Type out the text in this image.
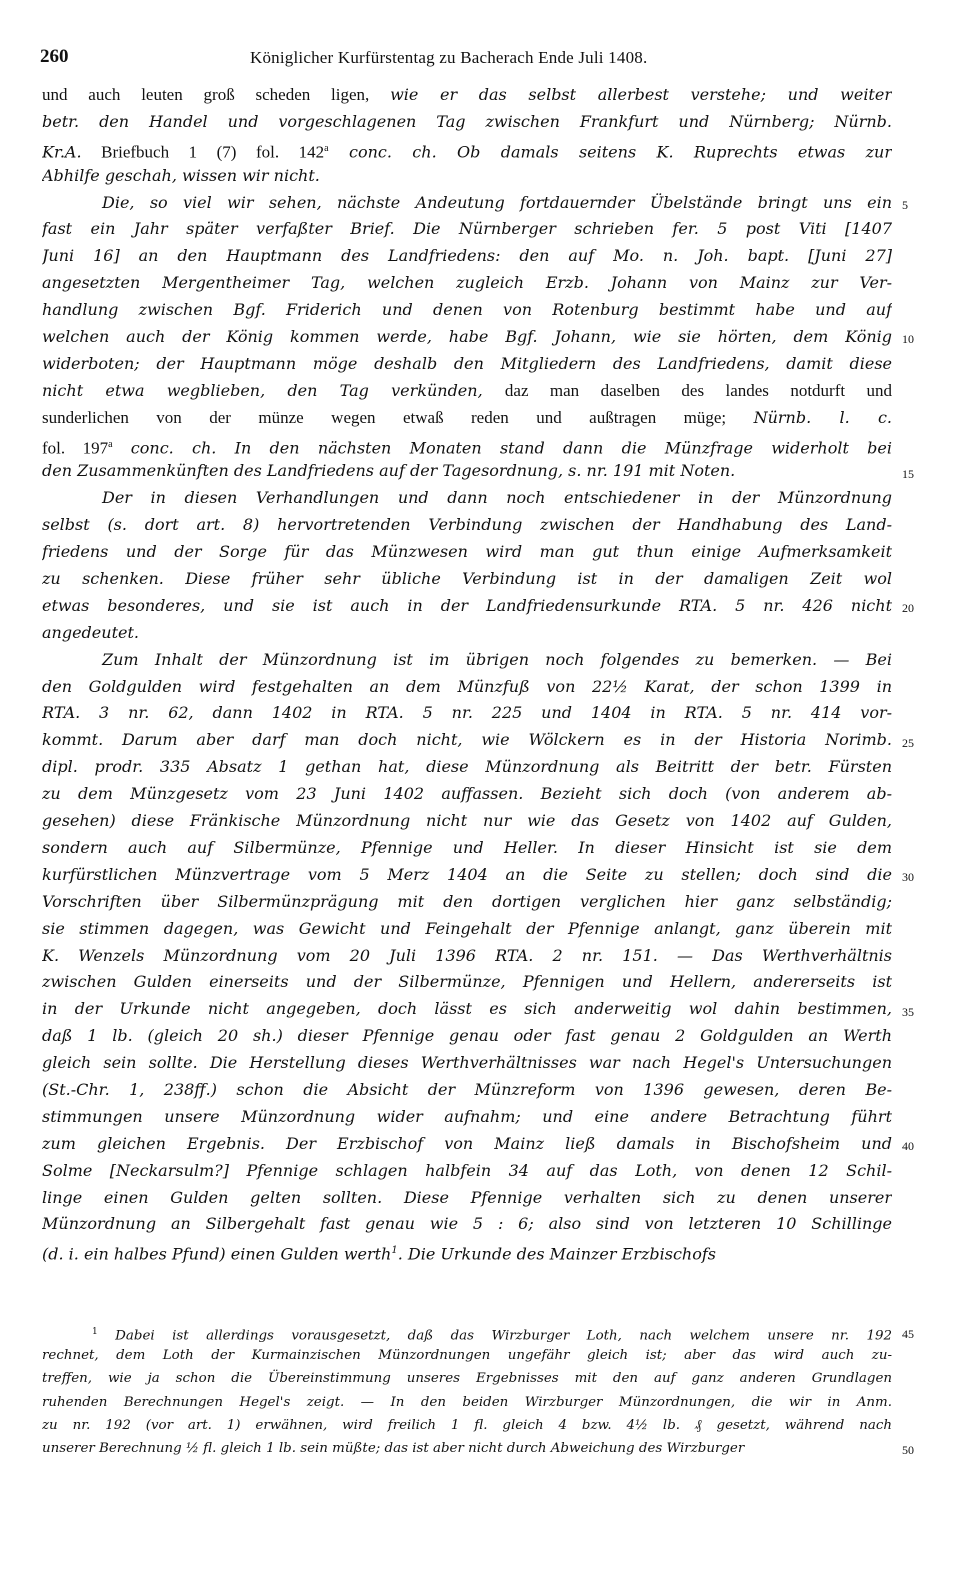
260	Königlicher Kurfürstentag zu Bacherach Ende Juli 1408.
und auch leuten groß scheden ligen, wie er das selbst allerbest verstehe; und weiter
betr. den Handel und vorgeschlagenen Tag zwischen Frankfurt und Nürnberg; Nürnb.
Kr.A. Briefbuch 1 (7) fol. 142$^a$ conc. ch. Ob damals seitens K. Ruprechts etwas zur
Abhilfe geschah, wissen wir nicht.
Die, so viel wir sehen, nächste Andeutung fortdauernder Übelstände bringt uns ein
fast ein Jahr später verfaßter Brief. Die Nürnberger schrieben fer. 5 post Viti [1407
Juni 16] an den Hauptmann des Landfriedens: den auf Mo. n. Joh. bapt. [Juni 27]
angesetzten Mergentheimer Tag, welchen zugleich Erzb. Johann von Mainz zur Ver-
handlung zwischen Bgf. Friderich und denen von Rotenburg bestimmt habe und auf
welchen auch der König kommen werde, habe Bgf. Johann, wie sie hörten, dem König
widerboten; der Hauptmann möge deshalb den Mitgliedern des Landfriedens, damit diese
nicht etwa wegblieben, den Tag verkünden, daz man daselben des landes notdurft und
sunderlichen von der münze wegen etwaß reden und außtragen müge; Nürnb. l. c.
fol. 197$^a$ conc. ch. In den nächsten Monaten stand dann die Münzfrage widerholt bei
den Zusammenkünften des Landfriedens auf der Tagesordnung, s. nr. 191 mit Noten.
Der in diesen Verhandlungen und dann noch entschiedener in der Münzordnung
selbst (s. dort art. 8) hervortretenden Verbindung zwischen der Handhabung des Land-
friedens und der Sorge für das Münzwesen wird man gut thun einige Aufmerksamkeit
zu schenken. Diese früher sehr übliche Verbindung ist in der damaligen Zeit wol
etwas besonderes, und sie ist auch in der Landfriedensurkunde RTA. 5 nr. 426 nicht
angedeutet.
Zum Inhalt der Münzordnung ist im übrigen noch folgendes zu bemerken. — Bei
den Goldgulden wird festgehalten an dem Münzfuß von 22½ Karat, der schon 1399 in
RTA. 3 nr. 62, dann 1402 in RTA. 5 nr. 225 und 1404 in RTA. 5 nr. 414 vor-
kommt. Darum aber darf man doch nicht, wie Wölckern es in der Historia Norimb.
dipl. prodr. 335 Absatz 1 gethan hat, diese Münzordnung als Beitritt der betr. Fürsten
zu dem Münzgesetz vom 23 Juni 1402 auffassen. Bezieht sich doch (von anderem ab-
gesehen) diese Fränkische Münzordnung nicht nur wie das Gesetz von 1402 auf Gulden,
sondern auch auf Silbermünze, Pfennige und Heller. In dieser Hinsicht ist sie dem
kurfürstlichen Münzvertrage vom 5 Merz 1404 an die Seite zu stellen; doch sind die
Vorschriften über Silbermünzprägung mit den dortigen verglichen hier ganz selbständig;
sie stimmen dagegen, was Gewicht und Feingehalt der Pfennige anlangt, ganz überein mit
K. Wenzels Münzordnung vom 20 Juli 1396 RTA. 2 nr. 151. — Das Werthverhältnis
zwischen Gulden einerseits und der Silbermünze, Pfennigen und Hellern, andererseits ist
in der Urkunde nicht angegeben, doch lässt es sich anderweitig wol dahin bestimmen,
daß 1 lb. (gleich 20 sh.) dieser Pfennige genau oder fast genau 2 Goldgulden an Werth
gleich sein sollte. Die Herstellung dieses Werthverhältnisses war nach Hegel's Untersuchungen
(St.-Chr. 1, 238ff.) schon die Absicht der Münzreform von 1396 gewesen, deren Be-
stimmungen unsere Münzordnung wider aufnahm; und eine andere Betrachtung führt
zum gleichen Ergebnis. Der Erzbischof von Mainz ließ damals in Bischofsheim und
Solme [Neckarsulm?] Pfennige schlagen halbfein 34 auf das Loth, von denen 12 Schil-
linge einen Gulden gelten sollten. Diese Pfennige verhalten sich zu denen unserer
Münzordnung an Silbergehalt fast genau wie 5 : 6; also sind von letzteren 10 Schillinge
(d. i. ein halbes Pfund) einen Gulden werth$^1$. Die Urkunde des Mainzer Erzbischofs
5
10
15
20
25
30
35
40
$^1$ Dabei ist allerdings vorausgesetzt, daß das Wirzburger Loth, nach welchem unsere nr. 192
rechnet, dem Loth der Kurmainzischen Münzordnungen ungefähr gleich ist; aber das wird auch zu-
treffen, wie ja schon die Übereinstimmung unseres Ergebnisses mit den auf ganz anderen Grundlagen
ruhenden Berechnungen Hegel's zeigt. — In den beiden Wirzburger Münzordnungen, die wir in Anm.
zu nr. 192 (vor art. 1) erwähnen, wird freilich 1 fl. gleich 4 bzw. 4½ lb. ₰ gesetzt, während nach
unserer Berechnung ½ fl. gleich 1 lb. sein müßte; das ist aber nicht durch Abweichung des Wirzburger
45
50
